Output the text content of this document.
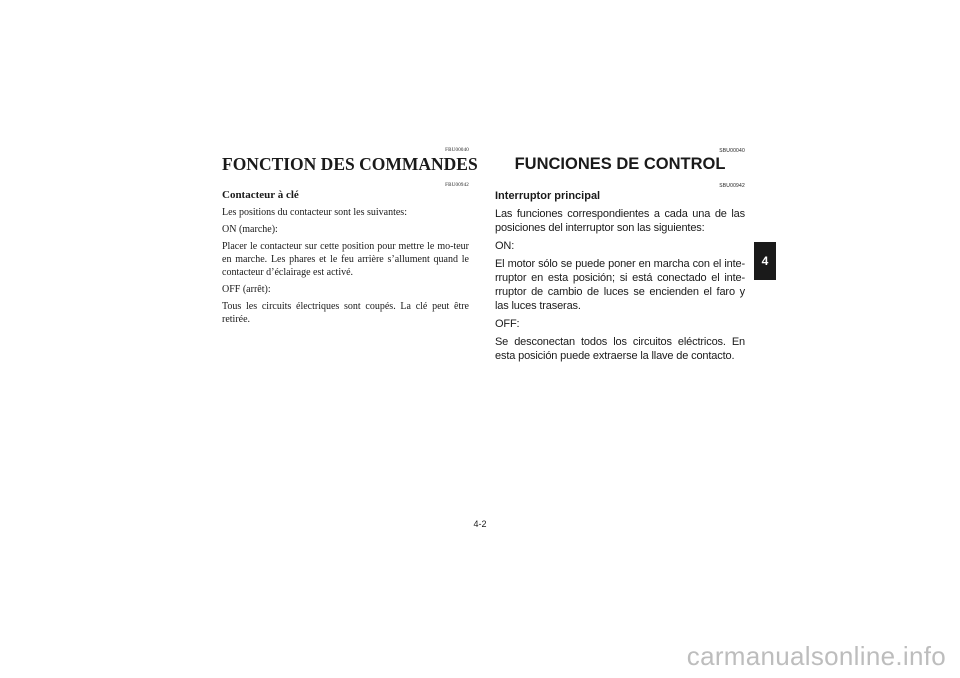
FBU00040
FONCTION DES COMMANDES
FBU00942
Contacteur à clé

Les positions du contacteur sont les suivantes:

ON (marche):

Placer le contacteur sur cette position pour mettre le mo-teur en marche. Les phares et le feu arrière s’allument quand le contacteur d’éclairage est activé.

OFF (arrêt):

Tous les circuits électriques sont coupés. La clé peut être retirée.

SBU00040
FUNCIONES DE CONTROL
SBU00942
Interruptor principal

Las funciones correspondientes a cada una de las posiciones del interruptor son las siguientes:

ON:

El motor sólo se puede poner en marcha con el inte-rruptor en esta posición; si está conectado el inte-rruptor de cambio de luces se encienden el faro y las luces traseras.

OFF:

Se desconectan todos los circuitos eléctricos. En esta posición puede extraerse la llave de contacto.

4
4-2
carmanualsonline.info
